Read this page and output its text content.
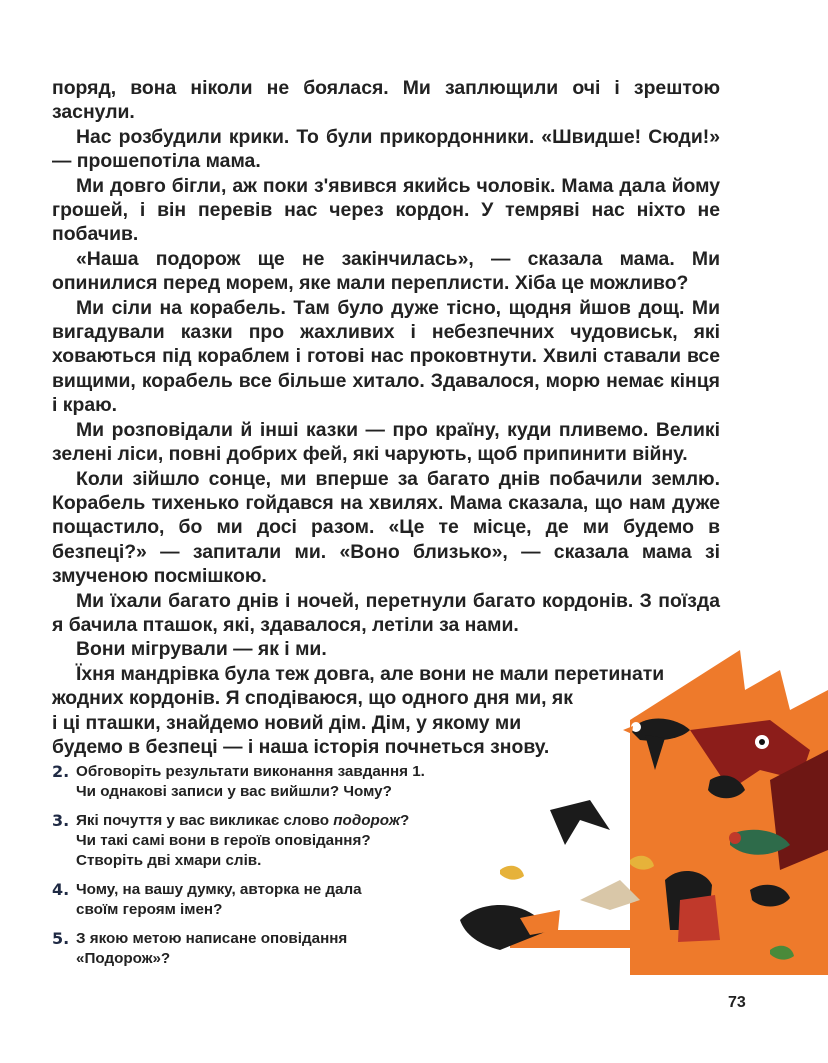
поряд, вона ніколи не боялася. Ми заплющили очі і зрештою заснули.

Нас розбудили крики. То були прикордонники. «Швидше! Сюди!» — прошепотіла мама.

Ми довго бігли, аж поки з'явився якийсь чоловік. Мама дала йому грошей, і він перевів нас через кордон. У темряві нас ніхто не побачив.

«Наша подорож ще не закінчилась», — сказала мама. Ми опинилися перед морем, яке мали переплисти. Хіба це можливо?

Ми сіли на корабель. Там було дуже тісно, щодня йшов дощ. Ми вигадували казки про жахливих і небезпечних чудовиськ, які ховаються під кораблем і готові нас проковтнути. Хвилі ставали все вищими, корабель все більше хитало. Здавалося, морю немає кінця і краю.

Ми розповідали й інші казки — про країну, куди пливемо. Великі зелені ліси, повні добрих фей, які чарують, щоб припинити війну.

Коли зійшло сонце, ми вперше за багато днів побачили землю. Корабель тихенько гойдався на хвилях. Мама сказала, що нам дуже пощастило, бо ми досі разом. «Це те місце, де ми будемо в безпеці?» — запитали ми. «Воно близько», — сказала мама зі змученою посмішкою.

Ми їхали багато днів і ночей, перетнули багато кордонів. З поїзда я бачила пташок, які, здавалося, летіли за нами.

Вони мігрували — як і ми.

Їхня мандрівка була теж довга, але вони не мали перетинати
жодних кордонів. Я сподіваюся, що одного дня ми, як
і ці пташки, знайдемо новий дім. Дім, у якому ми
будемо в безпеці — і наша історія почнеться знову.

2. Обговоріть результати виконання завдання 1.
Чи однакові записи у вас вийшли? Чому?
3. Які почуття у вас викликає слово подорож?
Чи такі самі вони в героїв оповідання?
Створіть дві хмари слів.
4. Чому, на вашу думку, авторка не дала
своїм героям імен?
5. З якою метою написане оповідання
«Подорож»?
73
